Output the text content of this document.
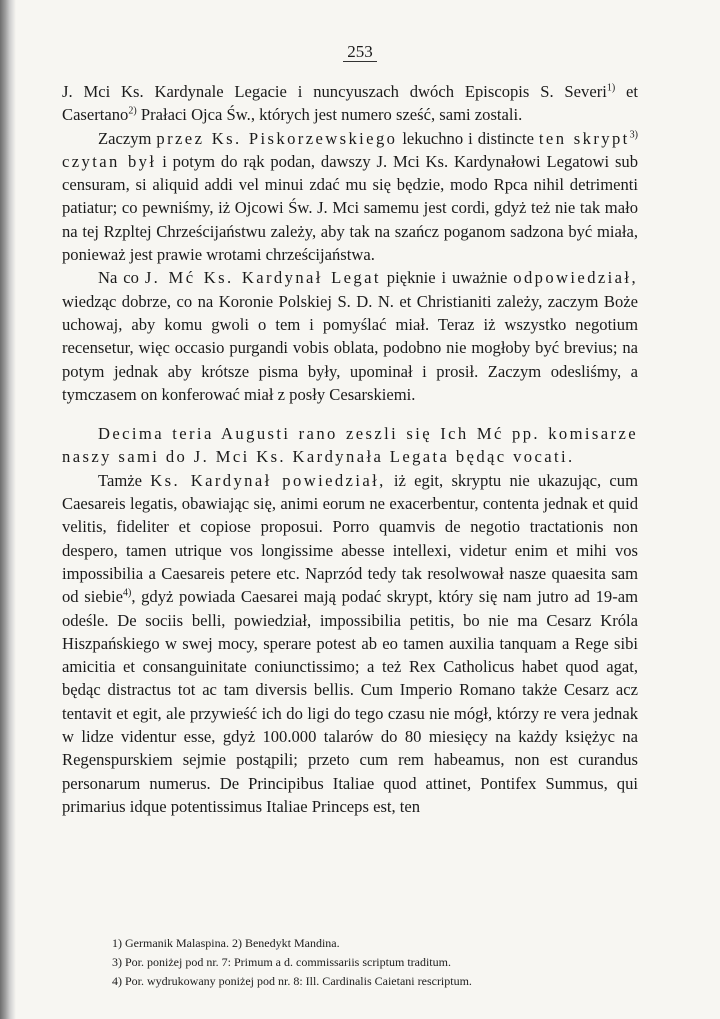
253

J. Mci Ks. Kardynale Legacie i nuncyuszach dwóch Episcopis S. Severi$^{1)}$ et Casertano$^{2)}$ Prałaci Ojca Św., których jest numero sześć, sami zostali.

Zaczym przez Ks. Piskorzewskiego lekuchno i distincte ten skrypt$^{3)}$ czytan był i potym do rąk podan, dawszy J. Mci Ks. Kardynałowi Legatowi sub censuram, si aliquid addi vel minui zdać mu się będzie, modo Rpca nihil detrimenti patiatur; co pewniśmy, iż Ojcowi Św. J. Mci samemu jest cordi, gdyż też nie tak mało na tej Rzpltej Chrześcijaństwu zależy, aby tak na szańcz poganom sadzona być miała, ponieważ jest prawie wrotami chrześcijaństwa.

Na co J. Mć Ks. Kardynał Legat pięknie i uważnie odpowiedział, wiedząc dobrze, co na Koronie Polskiej S. D. N. et Christianiti zależy, zaczym Boże uchowaj, aby komu gwoli o tem i pomyślać miał. Teraz iż wszystko negotium recensetur, więc occasio purgandi vobis oblata, podobno nie mogłoby być brevius; na potym jednak aby krótsze pisma były, upominał i prosił. Zaczym odesliśmy, a tymczasem on konferować miał z posły Cesarskiemi.

Decima teria Augusti rano zeszli się Ich Mć pp. komisarze naszy sami do J. Mci Ks. Kardynała Legata będąc vocati.

Tamże Ks. Kardynał powiedział, iż egit, skryptu nie ukazując, cum Caesareis legatis, obawiając się, animi eorum ne exacerbentur, contenta jednak et quid velitis, fideliter et copiose proposui. Porro quamvis de negotio tractationis non despero, tamen utrique vos longissime abesse intellexi, videtur enim et mihi vos impossibilia a Caesareis petere etc. Naprzód tedy tak resolwował nasze quaesita sam od siebie$^{4)}$, gdyż powiada Caesarei mają podać skrypt, który się nam jutro ad 19-am odeśle. De sociis belli, powiedział, impossibilia petitis, bo nie ma Cesarz Króla Hiszpańskiego w swej mocy, sperare potest ab eo tamen auxilia tanquam a Rege sibi amicitia et consanguinitate coniunctissimo; a też Rex Catholicus habet quod agat, będąc distractus tot ac tam diversis bellis. Cum Imperio Romano także Cesarz acz tentavit et egit, ale przywieść ich do ligi do tego czasu nie mógł, którzy re vera jednak w lidze videntur esse, gdyż 100.000 talarów do 80 miesięcy na każdy księżyc na Regenspurskiem sejmie postąpili; przeto cum rem habeamus, non est curandus personarum numerus. De Principibus Italiae quod attinet, Pontifex Summus, qui primarius idque potentissimus Italiae Princeps est, ten

1) Germanik Malaspina. 2) Benedykt Mandina.
3) Por. poniżej pod nr. 7: Primum a d. commissariis scriptum traditum.
4) Por. wydrukowany poniżej pod nr. 8: Ill. Cardinalis Caietani rescriptum.
